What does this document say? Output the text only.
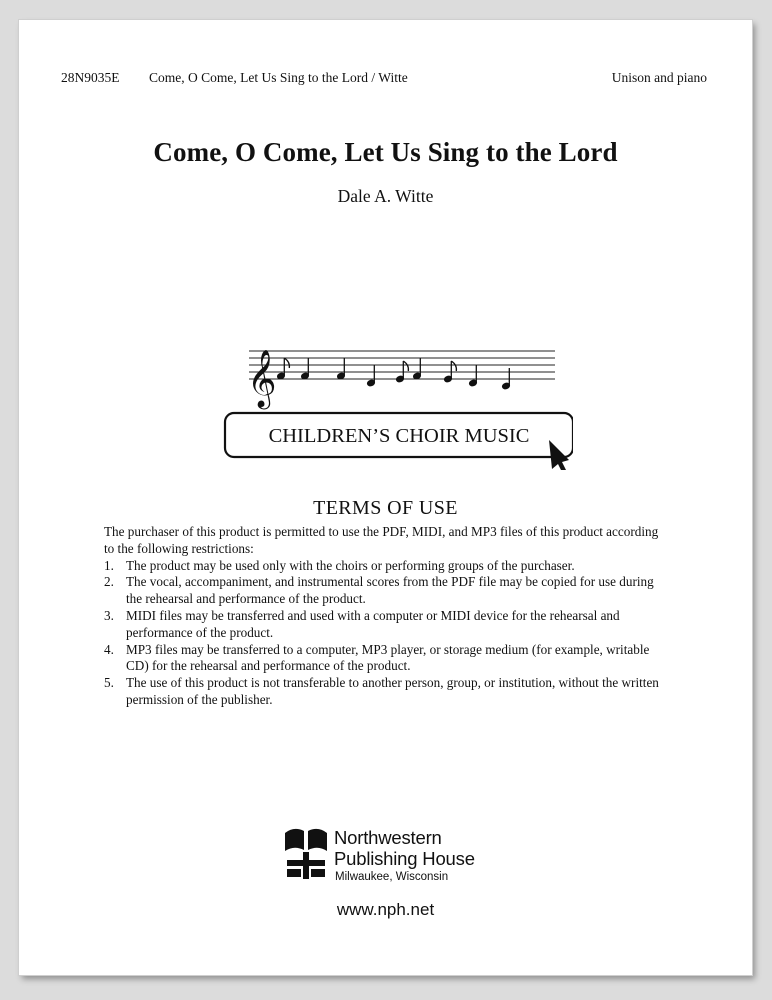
28N9035E Come, O Come, Let Us Sing to the Lord / Witte	Unison and piano
Come, O Come, Let Us Sing to the Lord
Dale A. Witte
𝄞
CHILDREN’S CHOIR MUSIC
TERMS OF USE

The purchaser of this product is permitted to use the PDF, MIDI, and MP3 files of this product according to the following restrictions:

1. The product may be used only with the choirs or performing groups of the purchaser.
2. The vocal, accompaniment, and instrumental scores from the PDF file may be copied for use during the rehearsal and performance of the product.
3. MIDI files may be transferred and used with a computer or MIDI device for the rehearsal and performance of the product.
4. MP3 files may be transferred to a computer, MP3 player, or storage medium (for example, writable CD) for the rehearsal and performance of the product.
5. The use of this product is not transferable to another person, group, or institution, without the written permission of the publisher.
Northwestern
Publishing House
Milwaukee, Wisconsin
www.nph.net
